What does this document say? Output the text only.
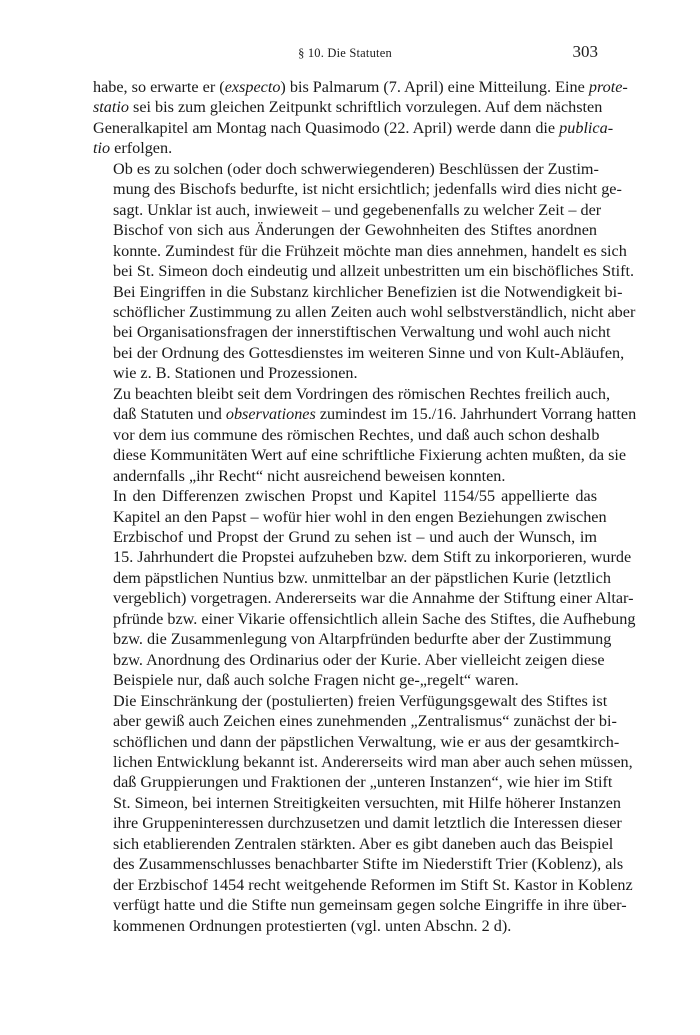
§ 10. Die Statuten	303

habe, so erwarte er (exspecto) bis Palmarum (7. April) eine Mitteilung. Eine prote-
statio sei bis zum gleichen Zeitpunkt schriftlich vorzulegen. Auf dem nächsten
Generalkapitel am Montag nach Quasimodo (22. April) werde dann die publica-
tio erfolgen.

Ob es zu solchen (oder doch schwerwiegenderen) Beschlüssen der Zustim-
mung des Bischofs bedurfte, ist nicht ersichtlich; jedenfalls wird dies nicht ge-
sagt. Unklar ist auch, inwieweit – und gegebenenfalls zu welcher Zeit – der
Bischof von sich aus Änderungen der Gewohnheiten des Stiftes anordnen
konnte. Zumindest für die Frühzeit möchte man dies annehmen, handelt es sich
bei St. Simeon doch eindeutig und allzeit unbestritten um ein bischöfliches Stift.
Bei Eingriffen in die Substanz kirchlicher Benefizien ist die Notwendigkeit bi-
schöflicher Zustimmung zu allen Zeiten auch wohl selbstverständlich, nicht aber
bei Organisationsfragen der innerstiftischen Verwaltung und wohl auch nicht
bei der Ordnung des Gottesdienstes im weiteren Sinne und von Kult-Abläufen,
wie z. B. Stationen und Prozessionen.

Zu beachten bleibt seit dem Vordringen des römischen Rechtes freilich auch,
daß Statuten und observationes zumindest im 15./16. Jahrhundert Vorrang hatten
vor dem ius commune des römischen Rechtes, und daß auch schon deshalb
diese Kommunitäten Wert auf eine schriftliche Fixierung achten mußten, da sie
andernfalls „ihr Recht“ nicht ausreichend beweisen konnten.

In den Differenzen zwischen Propst und Kapitel 1154/55 appellierte das
Kapitel an den Papst – wofür hier wohl in den engen Beziehungen zwischen
Erzbischof und Propst der Grund zu sehen ist – und auch der Wunsch, im
15. Jahrhundert die Propstei aufzuheben bzw. dem Stift zu inkorporieren, wurde
dem päpstlichen Nuntius bzw. unmittelbar an der päpstlichen Kurie (letztlich
vergeblich) vorgetragen. Andererseits war die Annahme der Stiftung einer Altar-
pfründe bzw. einer Vikarie offensichtlich allein Sache des Stiftes, die Aufhebung
bzw. die Zusammenlegung von Altarpfründen bedurfte aber der Zustimmung
bzw. Anordnung des Ordinarius oder der Kurie. Aber vielleicht zeigen diese
Beispiele nur, daß auch solche Fragen nicht ge-„regelt“ waren.

Die Einschränkung der (postulierten) freien Verfügungsgewalt des Stiftes ist
aber gewiß auch Zeichen eines zunehmenden „Zentralismus“ zunächst der bi-
schöflichen und dann der päpstlichen Verwaltung, wie er aus der gesamtkirch-
lichen Entwicklung bekannt ist. Andererseits wird man aber auch sehen müssen,
daß Gruppierungen und Fraktionen der „unteren Instanzen“, wie hier im Stift
St. Simeon, bei internen Streitigkeiten versuchten, mit Hilfe höherer Instanzen
ihre Gruppeninteressen durchzusetzen und damit letztlich die Interessen dieser
sich etablierenden Zentralen stärkten. Aber es gibt daneben auch das Beispiel
des Zusammenschlusses benachbarter Stifte im Niederstift Trier (Koblenz), als
der Erzbischof 1454 recht weitgehende Reformen im Stift St. Kastor in Koblenz
verfügt hatte und die Stifte nun gemeinsam gegen solche Eingriffe in ihre über-
kommenen Ordnungen protestierten (vgl. unten Abschn. 2 d).
